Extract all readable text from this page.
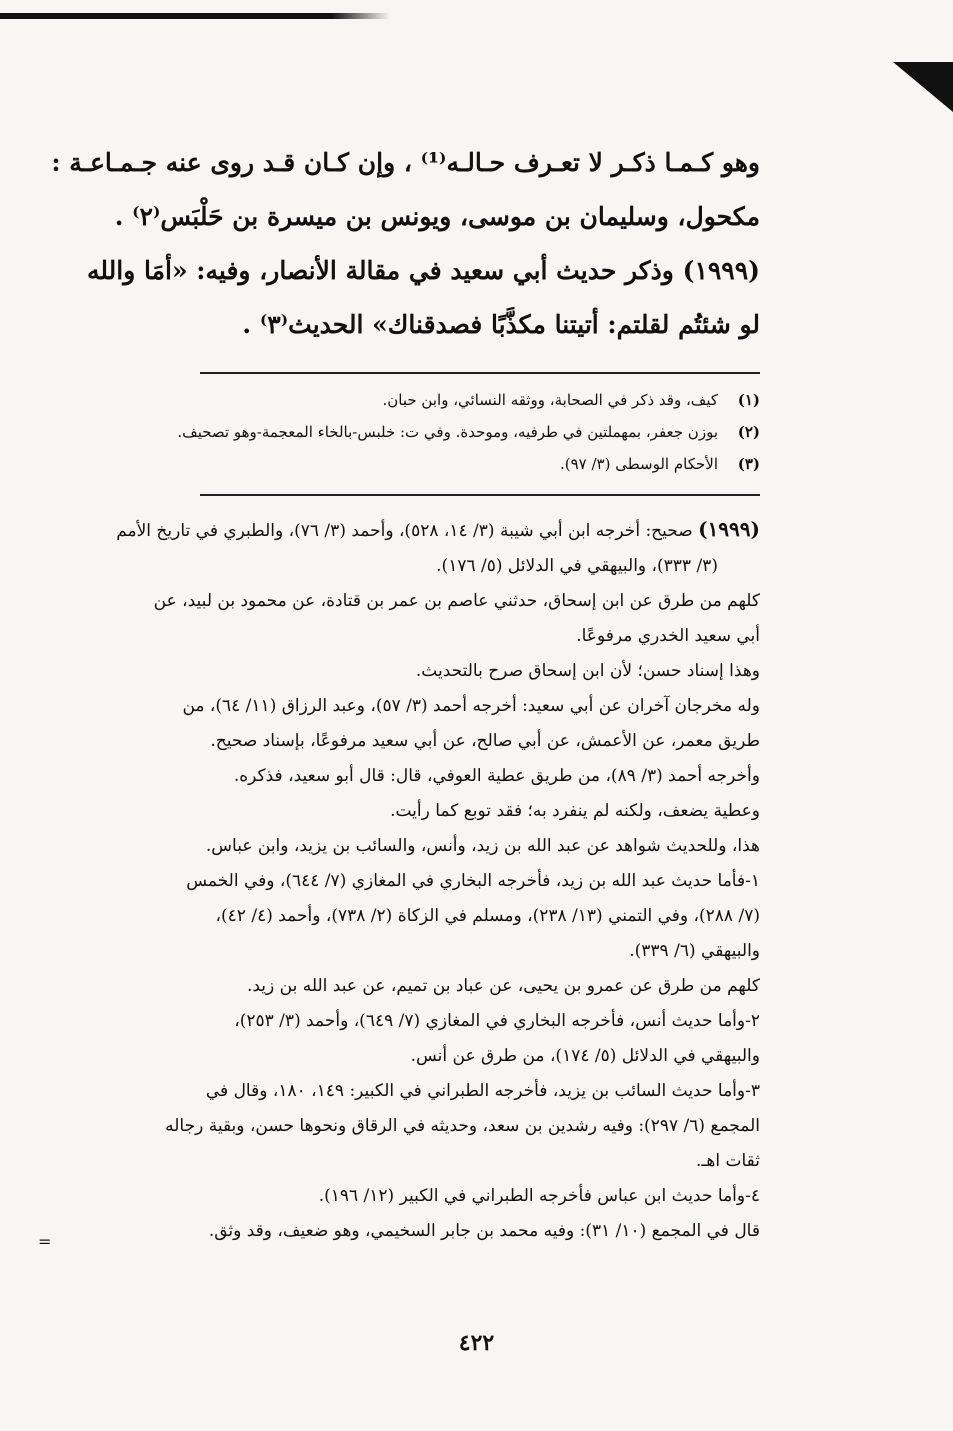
وهو كـمـا ذكـر لا تعـرف حـالـه⁽¹⁾ ، وإن كـان قـد روى عنه جـمـاعـة :

مكحول، وسليمان بن موسى، ويونس بن ميسرة بن حَلْبَس⁽٢⁾ .

(١٩٩٩) وذكر حديث أبي سعيد في مقالة الأنصار، وفيه: «أمَا والله

لو شئتُم لقلتم: أتيتنا مكذَّبًا فصدقناك» الحديث⁽٣⁾ .

(١)
كيف، وقد ذكر في الصحابة، ووثقه النسائي، وابن حبان.
(٢)
بوزن جعفر، بمهملتين في طرفيه، وموحدة. وفي ت: خلبس-بالخاء المعجمة-وهو تصحيف.
(٣)
الأحكام الوسطى (٣/ ٩٧).

(١٩٩٩) صحيح: أخرجه ابن أبي شيبة (٣/ ١٤، ٥٢٨)، وأحمد (٣/ ٧٦)، والطبري في تاريخ الأمم

(٣/ ٣٣٣)، والبيهقي في الدلائل (٥/ ١٧٦).

كلهم من طرق عن ابن إسحاق، حدثني عاصم بن عمر بن قتادة، عن محمود بن لبيد، عن

أبي سعيد الخدري مرفوعًا.

وهذا إسناد حسن؛ لأن ابن إسحاق صرح بالتحديث.

وله مخرجان آخران عن أبي سعيد: أخرجه أحمد (٣/ ٥٧)، وعبد الرزاق (١١/ ٦٤)، من

طريق معمر، عن الأعمش، عن أبي صالح، عن أبي سعيد مرفوعًا، بإسناد صحيح.

وأخرجه أحمد (٣/ ٨٩)، من طريق عطية العوفي، قال: قال أبو سعيد، فذكره.

وعطية يضعف، ولكنه لم ينفرد به؛ فقد توبع كما رأيت.

هذا، وللحديث شواهد عن عبد الله بن زيد، وأنس، والسائب بن يزيد، وابن عباس.

١-فأما حديث عبد الله بن زيد، فأخرجه البخاري في المغازي (٧/ ٦٤٤)، وفي الخمس

(٧/ ٢٨٨)، وفي التمني (١٣/ ٢٣٨)، ومسلم في الزكاة (٢/ ٧٣٨)، وأحمد (٤/ ٤٢)،

والبيهقي (٦/ ٣٣٩).

كلهم من طرق عن عمرو بن يحيى، عن عباد بن تميم، عن عبد الله بن زيد.

٢-وأما حديث أنس، فأخرجه البخاري في المغازي (٧/ ٦٤٩)، وأحمد (٣/ ٢٥٣)،

والبيهقي في الدلائل (٥/ ١٧٤)، من طرق عن أنس.

٣-وأما حديث السائب بن يزيد، فأخرجه الطبراني في الكبير: ١٤٩، ١٨٠، وقال في

المجمع (٦/ ٢٩٧): وفيه رشدين بن سعد، وحديثه في الرقاق ونحوها حسن، وبقية رجاله

ثقات اهـ.

٤-وأما حديث ابن عباس فأخرجه الطبراني في الكبير (١٢/ ١٩٦).

قال في المجمع (١٠/ ٣١): وفيه محمد بن جابر السخيمي، وهو ضعيف، وقد وثق.

=
٤٢٢
